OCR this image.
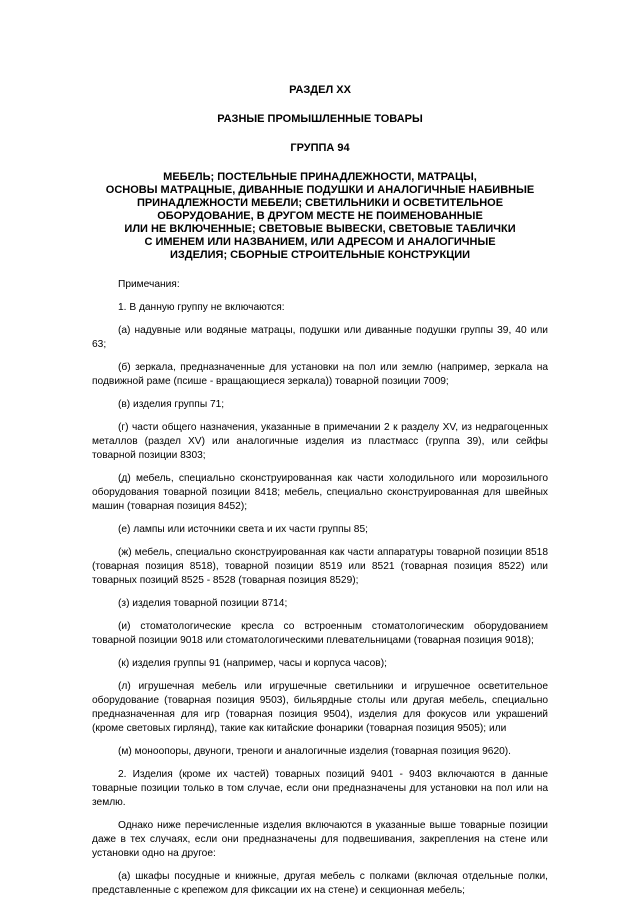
РАЗДЕЛ XX

РАЗНЫЕ ПРОМЫШЛЕННЫЕ ТОВАРЫ

ГРУППА 94

МЕБЕЛЬ; ПОСТЕЛЬНЫЕ ПРИНАДЛЕЖНОСТИ, МАТРАЦЫ,

ОСНОВЫ МАТРАЦНЫЕ, ДИВАННЫЕ ПОДУШКИ И АНАЛОГИЧНЫЕ НАБИВНЫЕ

ПРИНАДЛЕЖНОСТИ МЕБЕЛИ; СВЕТИЛЬНИКИ И ОСВЕТИТЕЛЬНОЕ

ОБОРУДОВАНИЕ, В ДРУГОМ МЕСТЕ НЕ ПОИМЕНОВАННЫЕ

ИЛИ НЕ ВКЛЮЧЕННЫЕ; СВЕТОВЫЕ ВЫВЕСКИ, СВЕТОВЫЕ ТАБЛИЧКИ

С ИМЕНЕМ ИЛИ НАЗВАНИЕМ, ИЛИ АДРЕСОМ И АНАЛОГИЧНЫЕ

ИЗДЕЛИЯ; СБОРНЫЕ СТРОИТЕЛЬНЫЕ КОНСТРУКЦИИ

Примечания:

1. В данную группу не включаются:

(а) надувные или водяные матрацы, подушки или диванные подушки группы 39, 40 или 63;

(б) зеркала, предназначенные для установки на пол или землю (например, зеркала на подвижной раме (псише - вращающиеся зеркала)) товарной позиции 7009;

(в) изделия группы 71;

(г) части общего назначения, указанные в примечании 2 к разделу XV, из недрагоценных металлов (раздел XV) или аналогичные изделия из пластмасс (группа 39), или сейфы товарной позиции 8303;

(д) мебель, специально сконструированная как части холодильного или морозильного оборудования товарной позиции 8418; мебель, специально сконструированная для швейных машин (товарная позиция 8452);

(е) лампы или источники света и их части группы 85;

(ж) мебель, специально сконструированная как части аппаратуры товарной позиции 8518 (товарная позиция 8518), товарной позиции 8519 или 8521 (товарная позиция 8522) или товарных позиций 8525 - 8528 (товарная позиция 8529);

(з) изделия товарной позиции 8714;

(и) стоматологические кресла со встроенным стоматологическим оборудованием товарной позиции 9018 или стоматологическими плевательницами (товарная позиция 9018);

(к) изделия группы 91 (например, часы и корпуса часов);

(л) игрушечная мебель или игрушечные светильники и игрушечное осветительное оборудование (товарная позиция 9503), бильярдные столы или другая мебель, специально предназначенная для игр (товарная позиция 9504), изделия для фокусов или украшений (кроме световых гирлянд), такие как китайские фонарики (товарная позиция 9505); или

(м) моноопоры, двуноги, треноги и аналогичные изделия (товарная позиция 9620).

2. Изделия (кроме их частей) товарных позиций 9401 - 9403 включаются в данные товарные позиции только в том случае, если они предназначены для установки на пол или на землю.

Однако ниже перечисленные изделия включаются в указанные выше товарные позиции даже в тех случаях, если они предназначены для подвешивания, закрепления на стене или установки одно на другое:

(а) шкафы посудные и книжные, другая мебель с полками (включая отдельные полки, представленные с крепежом для фиксации их на стене) и секционная мебель;
